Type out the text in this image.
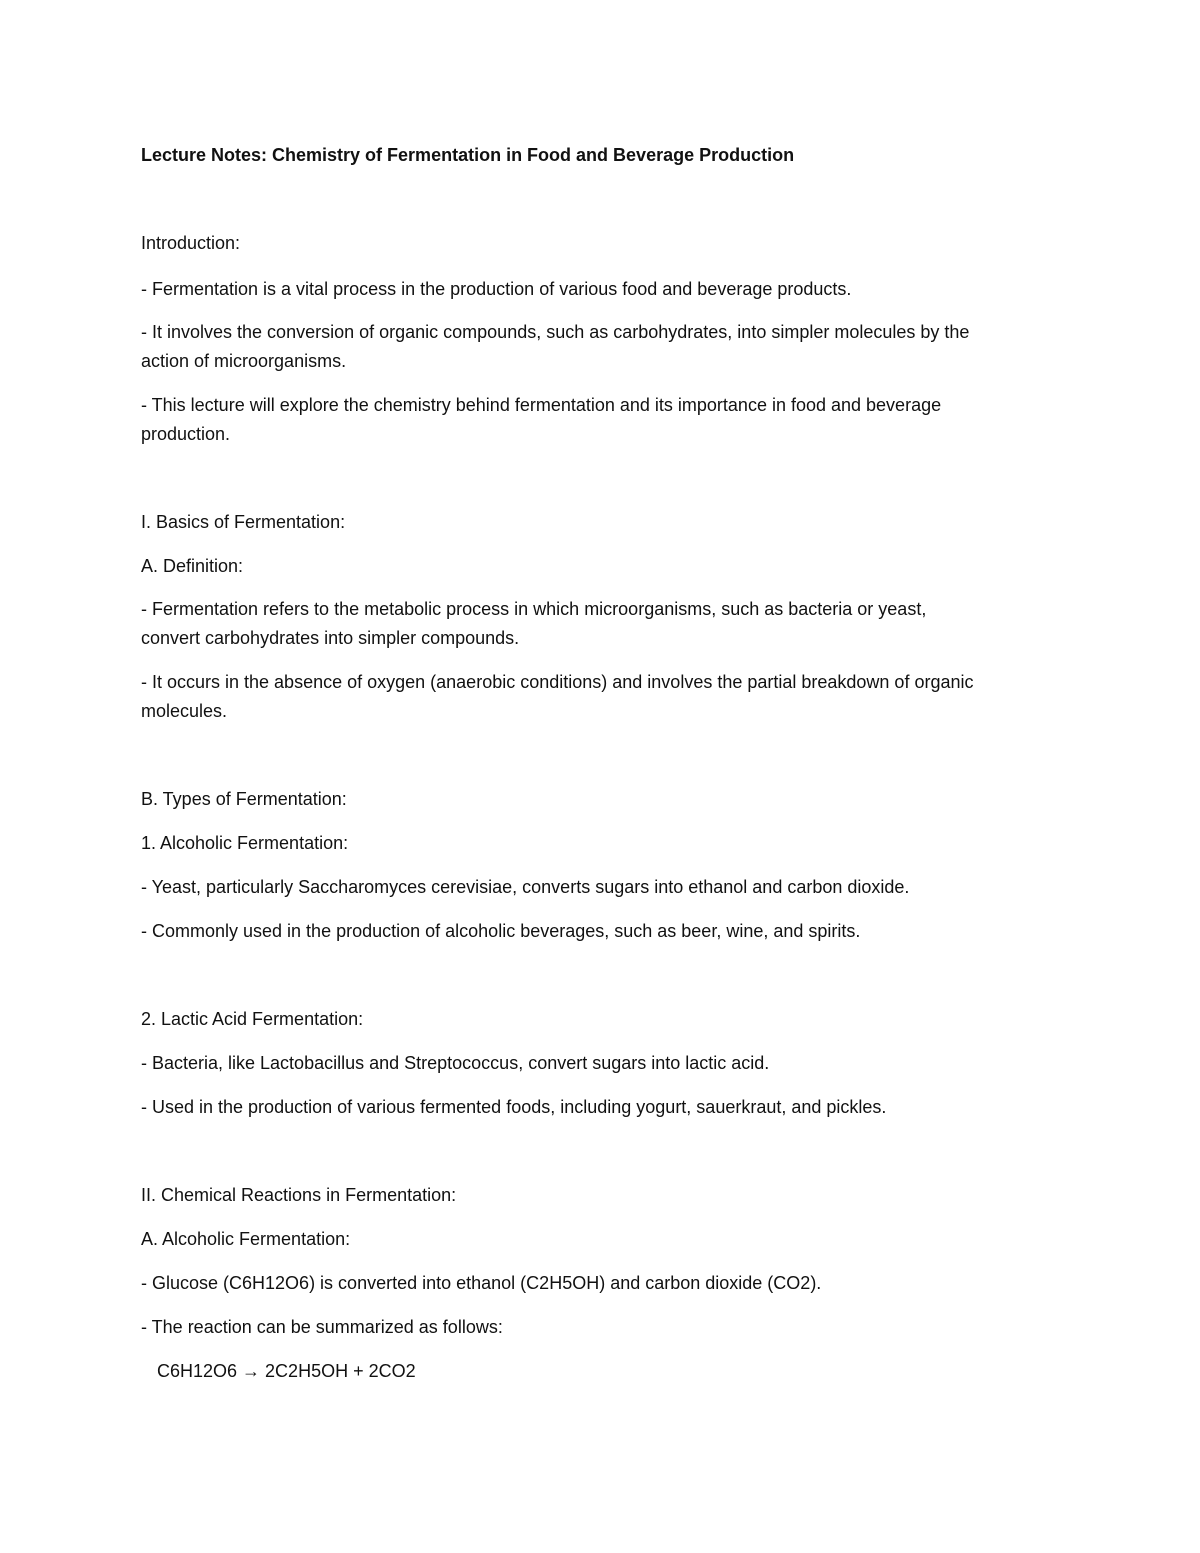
Lecture Notes: Chemistry of Fermentation in Food and Beverage Production

Introduction:

- Fermentation is a vital process in the production of various food and beverage products.

- It involves the conversion of organic compounds, such as carbohydrates, into simpler molecules by the

action of microorganisms.

- This lecture will explore the chemistry behind fermentation and its importance in food and beverage

production.

I. Basics of Fermentation:

A. Definition:

- Fermentation refers to the metabolic process in which microorganisms, such as bacteria or yeast,

convert carbohydrates into simpler compounds.

- It occurs in the absence of oxygen (anaerobic conditions) and involves the partial breakdown of organic

molecules.

B. Types of Fermentation:

1. Alcoholic Fermentation:

- Yeast, particularly Saccharomyces cerevisiae, converts sugars into ethanol and carbon dioxide.

- Commonly used in the production of alcoholic beverages, such as beer, wine, and spirits.

2. Lactic Acid Fermentation:

- Bacteria, like Lactobacillus and Streptococcus, convert sugars into lactic acid.

- Used in the production of various fermented foods, including yogurt, sauerkraut, and pickles.

II. Chemical Reactions in Fermentation:

A. Alcoholic Fermentation:

- Glucose (C6H12O6) is converted into ethanol (C2H5OH) and carbon dioxide (CO2).

- The reaction can be summarized as follows:

C6H12O6 → 2C2H5OH + 2CO2
